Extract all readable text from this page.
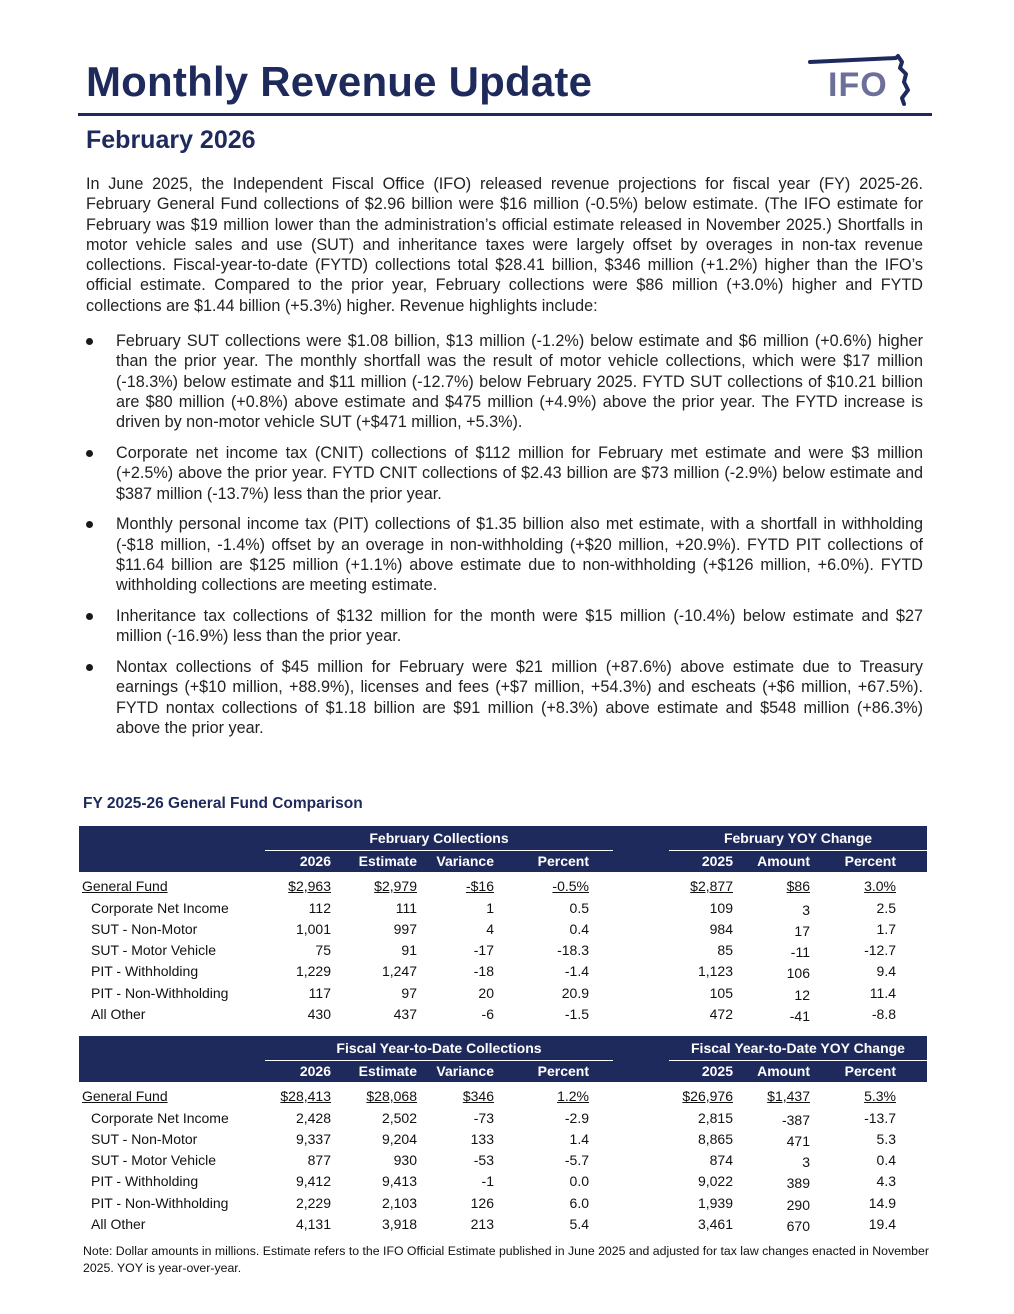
Monthly Revenue Update	IFO
February 2026

In June 2025, the Independent Fiscal Office (IFO) released revenue projections for fiscal year (FY) 2025-26. February General Fund collections of $2.96 billion were $16 million (-0.5%) below estimate. (The IFO estimate for February was $19 million lower than the administration’s official estimate released in November 2025.) Shortfalls in motor vehicle sales and use (SUT) and inheritance taxes were largely offset by overages in non-tax revenue collections. Fiscal-year-to-date (FYTD) collections total $28.41 billion, $346 million (+1.2%) higher than the IFO’s official estimate. Compared to the prior year, February collections were $86 million (+3.0%) higher and FYTD collections are $1.44 billion (+5.3%) higher. Revenue highlights include:

February SUT collections were $1.08 billion, $13 million (-1.2%) below estimate and $6 million (+0.6%) higher than the prior year. The monthly shortfall was the result of motor vehicle collections, which were $17 million (-18.3%) below estimate and $11 million (-12.7%) below February 2025. FYTD SUT collections of $10.21 billion are $80 million (+0.8%) above estimate and $475 million (+4.9%) above the prior year. The FYTD increase is driven by non-motor vehicle SUT (+$471 million, +5.3%).
Corporate net income tax (CNIT) collections of $112 million for February met estimate and were $3 million (+2.5%) above the prior year. FYTD CNIT collections of $2.43 billion are $73 million (-2.9%) below estimate and $387 million (-13.7%) less than the prior year.
Monthly personal income tax (PIT) collections of $1.35 billion also met estimate, with a shortfall in withholding (-$18 million, -1.4%) offset by an overage in non-withholding (+$20 million, +20.9%). FYTD PIT collections of $11.64 billion are $125 million (+1.1%) above estimate due to non-withholding (+$126 million, +6.0%). FYTD withholding collections are meeting estimate.
Inheritance tax collections of $132 million for the month were $15 million (-10.4%) below estimate and $27 million (-16.9%) less than the prior year.
Nontax collections of $45 million for February were $21 million (+87.6%) above estimate due to Treasury earnings (+$10 million, +88.9%), licenses and fees (+$7 million, +54.3%) and escheats (+$6 million, +67.5%). FYTD nontax collections of $1.18 billion are $91 million (+8.3%) above estimate and $548 million (+86.3%) above the prior year.
FY 2025-26 General Fund Comparison
February Collections	February YOY Change
2026	Estimate	Variance	Percent	2025	Amount	Percent
General Fund	$2,963	$2,979	-$16	-0.5%	$2,877	$86	3.0%
Corporate Net Income	112	111	1	0.5	109	3	2.5
SUT - Non-Motor	1,001	997	4	0.4	984	17	1.7
SUT - Motor Vehicle	75	91	-17	-18.3	85	-11	-12.7
PIT - Withholding	1,229	1,247	-18	-1.4	1,123	106	9.4
PIT - Non-Withholding	117	97	20	20.9	105	12	11.4
All Other	430	437	-6	-1.5	472	-41	-8.8
Fiscal Year-to-Date Collections	Fiscal Year-to-Date YOY Change
2026	Estimate	Variance	Percent	2025	Amount	Percent
General Fund	$28,413	$28,068	$346	1.2%	$26,976	$1,437	5.3%
Corporate Net Income	2,428	2,502	-73	-2.9	2,815	-387	-13.7
SUT - Non-Motor	9,337	9,204	133	1.4	8,865	471	5.3
SUT - Motor Vehicle	877	930	-53	-5.7	874	3	0.4
PIT - Withholding	9,412	9,413	-1	0.0	9,022	389	4.3
PIT - Non-Withholding	2,229	2,103	126	6.0	1,939	290	14.9
All Other	4,131	3,918	213	5.4	3,461	670	19.4
Note: Dollar amounts in millions. Estimate refers to the IFO Official Estimate published in June 2025 and adjusted for tax law changes enacted in November 2025. YOY is year-over-year.
